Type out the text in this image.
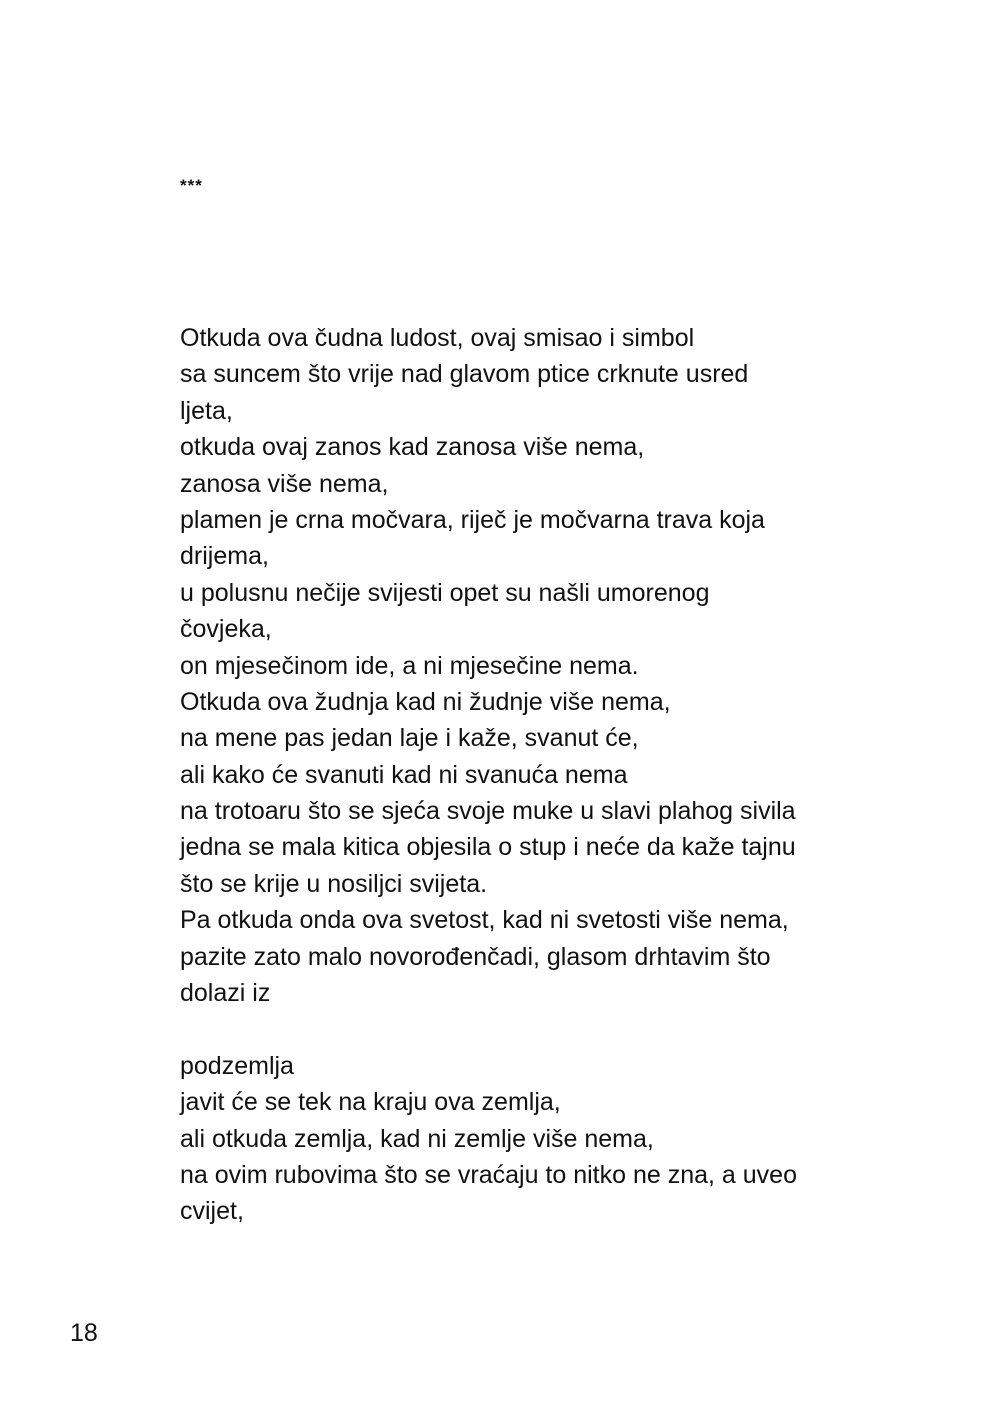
***
Otkuda ova čudna ludost, ovaj smisao i simbol
sa suncem što vrije nad glavom ptice crknute usred
ljeta,
otkuda ovaj zanos kad zanosa više nema,
zanosa više nema,
plamen je crna močvara, riječ je močvarna trava koja
drijema,
u polusnu nečije svijesti opet su našli umorenog
čovjeka,
on mjesečinom ide, a ni mjesečine nema.
Otkuda ova žudnja kad ni žudnje više nema,
na mene pas jedan laje i kaže, svanut će,
ali kako će svanuti kad ni svanuća nema
na trotoaru što se sjeća svoje muke u slavi plahog sivila
jedna se mala kitica objesila o stup i neće da kaže tajnu
što se krije u nosiljci svijeta.
Pa otkuda onda ova svetost, kad ni svetosti više nema,
pazite zato malo novorođenčadi, glasom drhtavim što
dolazi iz
podzemlja
javit će se tek na kraju ova zemlja,
ali otkuda zemlja, kad ni zemlje više nema,
na ovim rubovima što se vraćaju to nitko ne zna, a uveo
cvijet,
18
